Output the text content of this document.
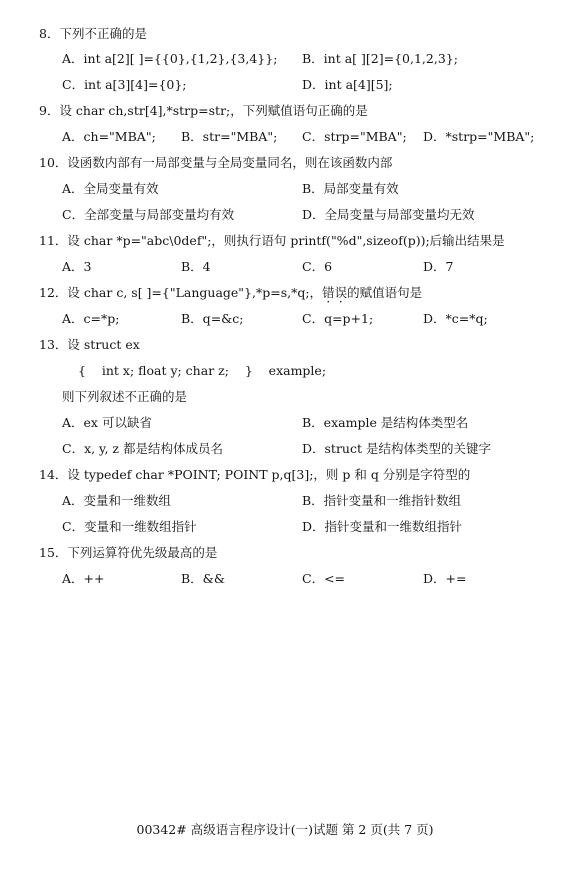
8．下列不正确的是
A．int a[2][ ]={{0},{1,2},{3,4}}; B．int a[ ][2]={0,1,2,3};
C．int a[3][4]={0};	D．int a[4][5];
9．设 char ch,str[4],*strp=str;，下列赋值语句正确的是
A．ch="MBA"; B．str="MBA"; C．strp="MBA"; D．*strp="MBA";
10．设函数内部有一局部变量与全局变量同名，则在该函数内部
A．全局变量有效	B．局部变量有效
C．全部变量与局部变量均有效	D．全局变量与局部变量均无效
11．设 char *p="abc\0def";，则执行语句 printf("%d",sizeof(p));后输出结果是
A．3	B．4	C．6	D．7
12．设 char c, s[ ]={"Language"},*p=s,*q;，错误的赋值语句是
A．c=*p;	B．q=&c;	C．q=p+1;	D．*c=*q;
13．设 struct ex
{    int x; float y; char z;    }    example;
则下列叙述不正确的是
A．ex 可以缺省	B．example 是结构体类型名
C．x, y, z 都是结构体成员名	D．struct 是结构体类型的关键字
14．设 typedef char *POINT; POINT p,q[3];，则 p 和 q 分别是字符型的
A．变量和一维数组	B．指针变量和一维指针数组
C．变量和一维数组指针	D．指针变量和一维数组指针
15．下列运算符优先级最高的是
A．++	B．&&	C．<=	D．+=
00342# 高级语言程序设计(一)试题 第 2 页(共 7 页)
